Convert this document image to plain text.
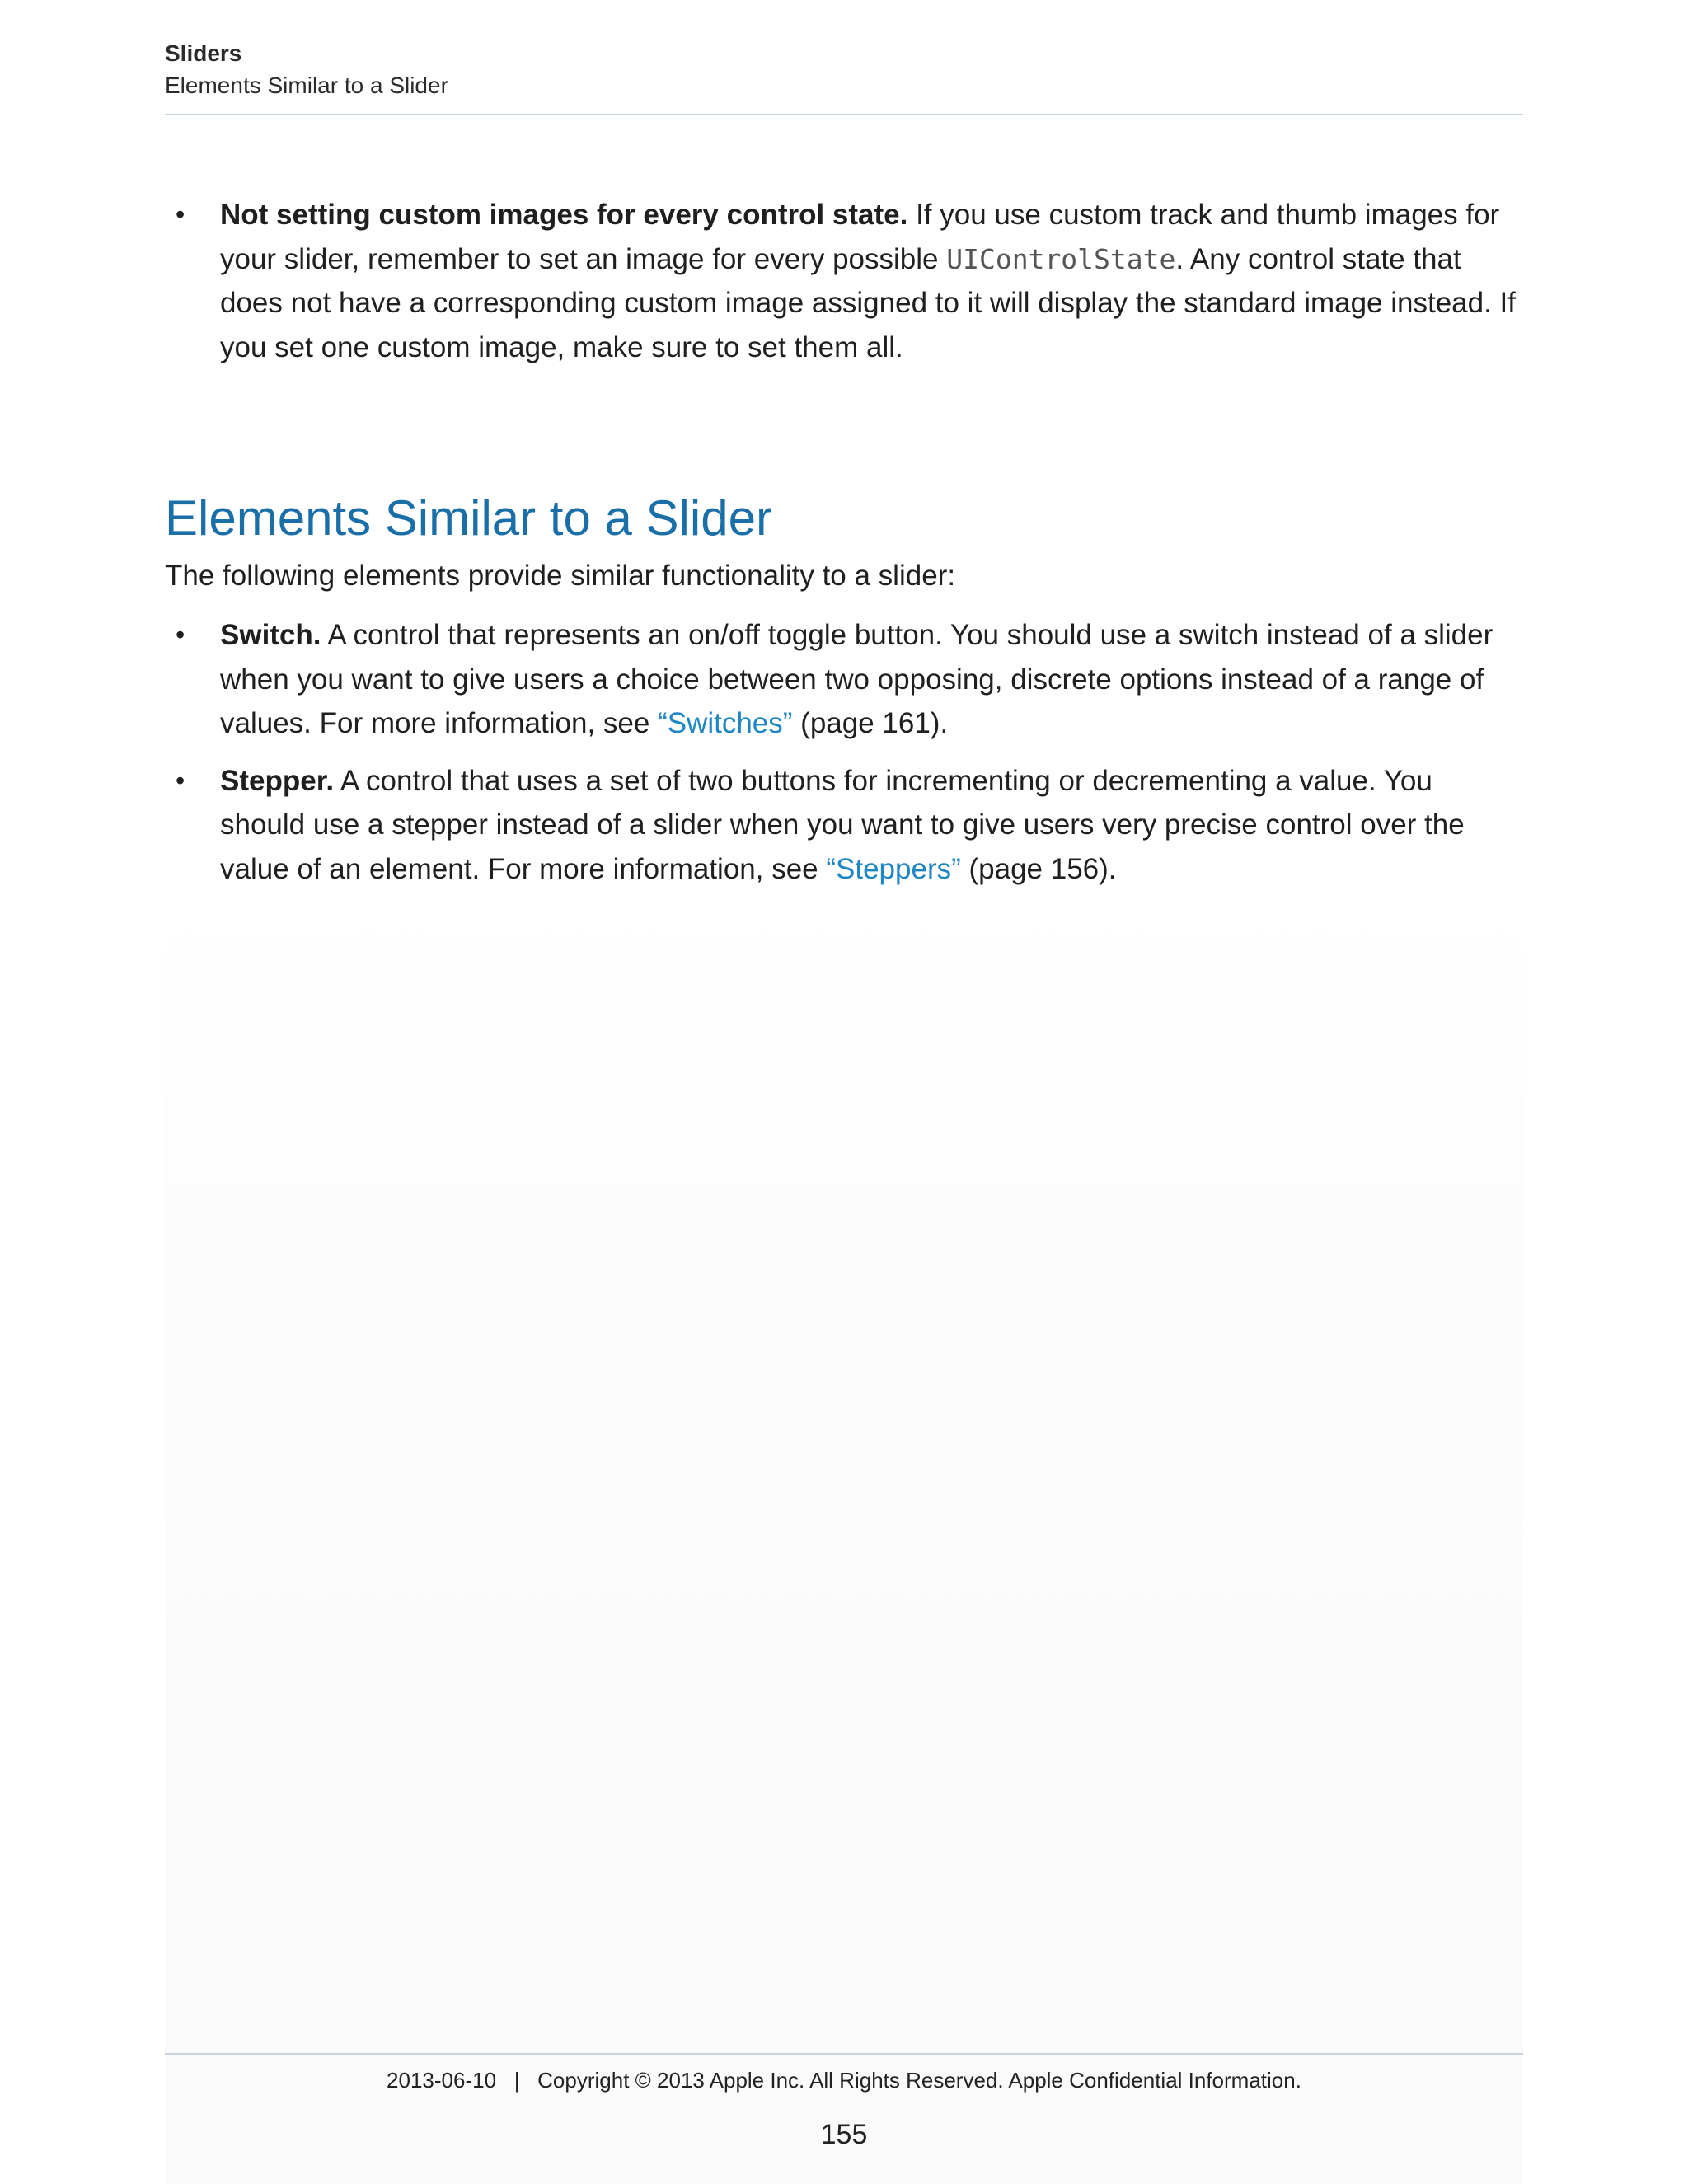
Sliders
Elements Similar to a Slider
• Not setting custom images for every control state. If you use custom track and thumb images for your slider, remember to set an image for every possible UIControlState. Any control state that does not have a corresponding custom image assigned to it will display the standard image instead. If you set one custom image, make sure to set them all.
Elements Similar to a Slider

The following elements provide similar functionality to a slider:

• Switch. A control that represents an on/off toggle button. You should use a switch instead of a slider when you want to give users a choice between two opposing, discrete options instead of a range of values. For more information, see “Switches” (page 161).
• Stepper. A control that uses a set of two buttons for incrementing or decrementing a value. You should use a stepper instead of a slider when you want to give users very precise control over the value of an element. For more information, see “Steppers” (page 156).
2013-06-10   |   Copyright © 2013 Apple Inc. All Rights Reserved. Apple Confidential Information.
155
